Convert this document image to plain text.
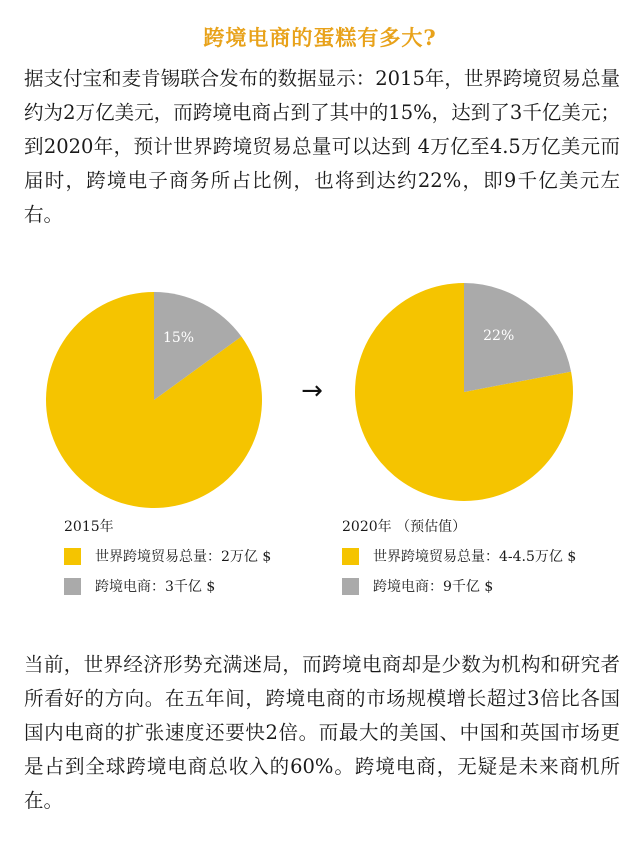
跨境电商的蛋糕有多大?
据支付宝和麦肯锡联合发布的数据显示：2015年，世界跨境贸易总量约为2万亿美元，而跨境电商占到了其中的15%，达到了3千亿美元；到2020年，预计世界跨境贸易总量可以达到 4万亿至4.5万亿美元而届时，跨境电子商务所占比例，也将到达约22%，即9千亿美元左右。
15%
→
22%
2015年
世界跨境贸易总量：2万亿 $
跨境电商：3千亿 $
2020年 （预估值）
世界跨境贸易总量：4-4.5万亿 $
跨境电商：9千亿 $
当前，世界经济形势充满迷局，而跨境电商却是少数为机构和研究者所看好的方向。在五年间，跨境电商的市场规模增长超过3倍比各国国内电商的扩张速度还要快2倍。而最大的美国、中国和英国市场更是占到全球跨境电商总收入的60%。跨境电商，无疑是未来商机所在。
